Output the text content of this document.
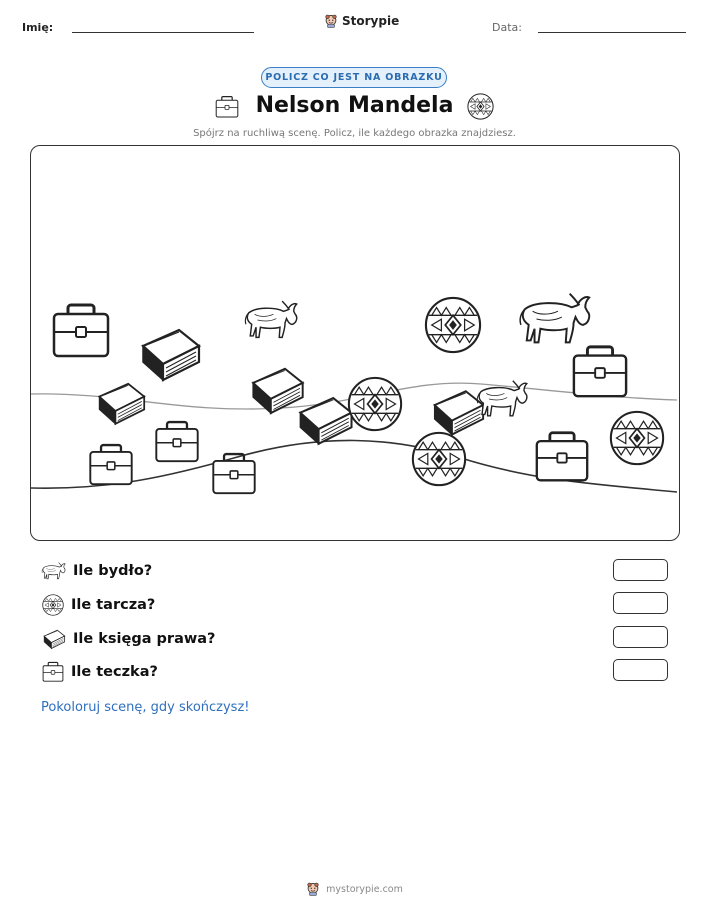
Imię:	Storypie	Data:
POLICZ CO JEST NA OBRAZKU
Nelson Mandela
Spójrz na ruchliwą scenę. Policz, ile każdego obrazka znajdziesz.
Ile bydło?
Ile tarcza?
Ile księga prawa?
Ile teczka?
Pokoloruj scenę, gdy skończysz!
mystorypie.com
